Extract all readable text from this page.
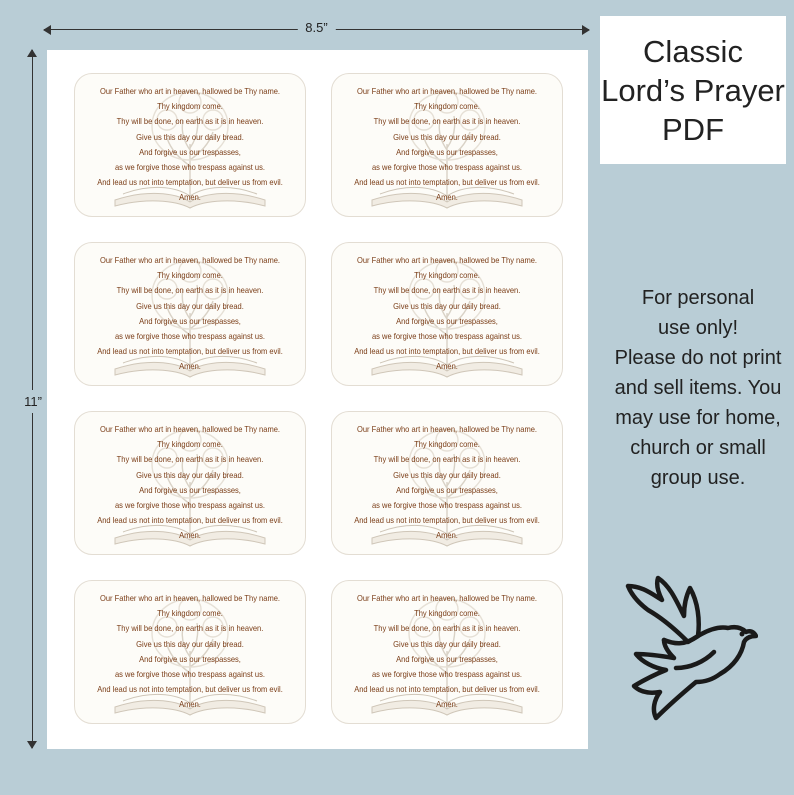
8.5”
11”
Our Father who art in heaven, hallowed be Thy name.
Thy kingdom come.
Thy will be done, on earth as it is in heaven.
Give us this day our daily bread.
And forgive us our trespasses,
as we forgive those who trespass against us.
And lead us not into temptation, but deliver us from evil.
Amen.
Our Father who art in heaven, hallowed be Thy name.
Thy kingdom come.
Thy will be done, on earth as it is in heaven.
Give us this day our daily bread.
And forgive us our trespasses,
as we forgive those who trespass against us.
And lead us not into temptation, but deliver us from evil.
Amen.
Our Father who art in heaven, hallowed be Thy name.
Thy kingdom come.
Thy will be done, on earth as it is in heaven.
Give us this day our daily bread.
And forgive us our trespasses,
as we forgive those who trespass against us.
And lead us not into temptation, but deliver us from evil.
Amen.
Our Father who art in heaven, hallowed be Thy name.
Thy kingdom come.
Thy will be done, on earth as it is in heaven.
Give us this day our daily bread.
And forgive us our trespasses,
as we forgive those who trespass against us.
And lead us not into temptation, but deliver us from evil.
Amen.
Our Father who art in heaven, hallowed be Thy name.
Thy kingdom come.
Thy will be done, on earth as it is in heaven.
Give us this day our daily bread.
And forgive us our trespasses,
as we forgive those who trespass against us.
And lead us not into temptation, but deliver us from evil.
Amen.
Our Father who art in heaven, hallowed be Thy name.
Thy kingdom come.
Thy will be done, on earth as it is in heaven.
Give us this day our daily bread.
And forgive us our trespasses,
as we forgive those who trespass against us.
And lead us not into temptation, but deliver us from evil.
Amen.
Our Father who art in heaven, hallowed be Thy name.
Thy kingdom come.
Thy will be done, on earth as it is in heaven.
Give us this day our daily bread.
And forgive us our trespasses,
as we forgive those who trespass against us.
And lead us not into temptation, but deliver us from evil.
Amen.
Our Father who art in heaven, hallowed be Thy name.
Thy kingdom come.
Thy will be done, on earth as it is in heaven.
Give us this day our daily bread.
And forgive us our trespasses,
as we forgive those who trespass against us.
And lead us not into temptation, but deliver us from evil.
Amen.
Classic
Lord’s Prayer
PDF
For personal
use only!
Please do not print
and sell items. You
may use for home,
church or small
group use.
